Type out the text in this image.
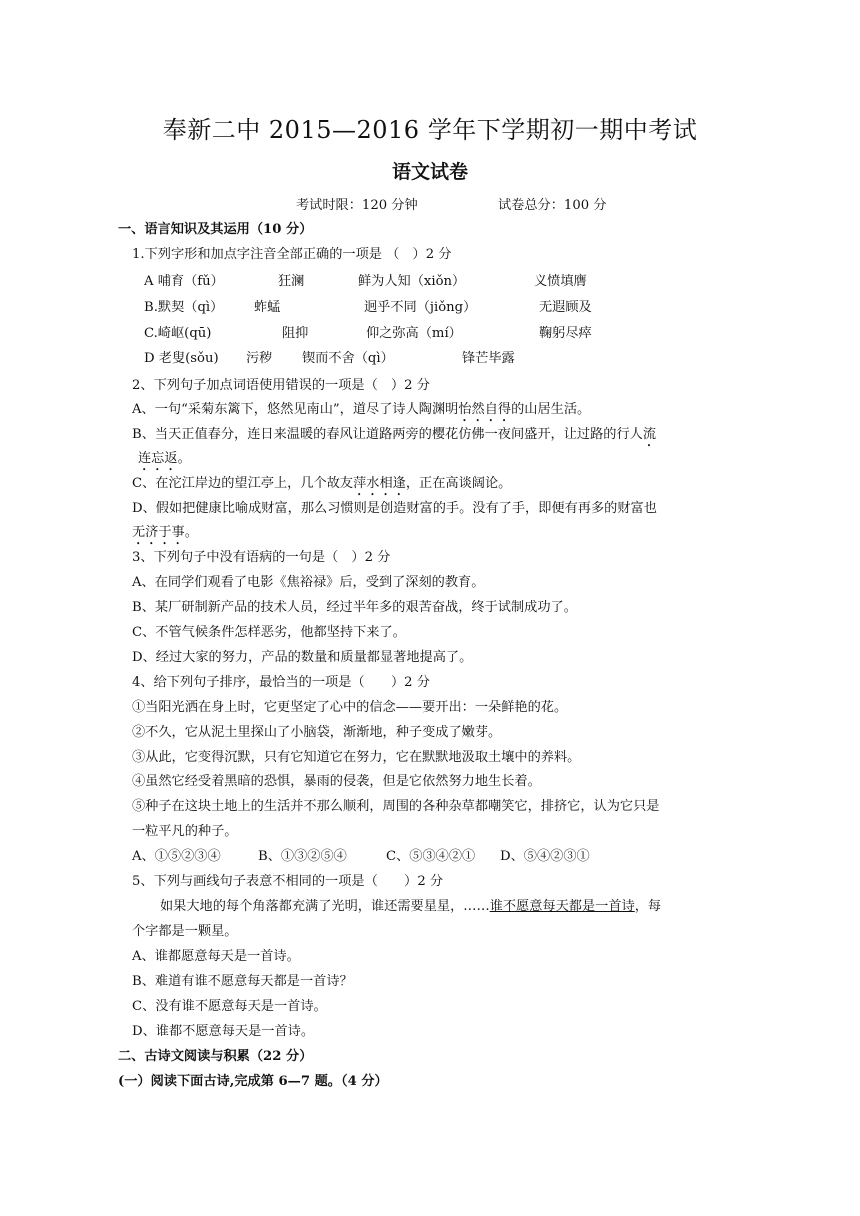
奉新二中 2015—2016 学年下学期初一期中考试
语文试卷
考试时限：120 分钟	试卷总分：100 分
一、语言知识及其运用（10 分）
1.下列字形和加点字注音全部正确的一项是 （　）2 分
A 哺育（fǔ）	狂澜	鲜为人知（xiǒn）	义愤填膺
B.默契（qì） 蚱蜢	迥乎不同（jiǒng）	无遐顾及
C.崎岖(qū)	阻抑	仰之弥高（mí）	鞠躬尽瘁
D 老叟(sǒu) 污秽 锲而不舍（qì）	锋芒毕露
2、下列句子加点词语使用错误的一项是（　）2 分
A、一句“采菊东篱下，悠然见南山”，道尽了诗人陶渊明怡然自得的山居生活。
B、当天正值春分，连日来温暖的春风让道路两旁的樱花仿佛一夜间盛开，让过路的行人流
连忘返。
C、在沱江岸边的望江亭上，几个故友萍水相逢，正在高谈阔论。
D、假如把健康比喻成财富，那么习惯则是创造财富的手。没有了手，即便有再多的财富也
无济于事。
3、下列句子中没有语病的一句是（　）2 分
A、在同学们观看了电影《焦裕禄》后，受到了深刻的教育。
B、某厂研制新产品的技术人员，经过半年多的艰苦奋战，终于试制成功了。
C、不管气候条件怎样恶劣，他都坚持下来了。
D、经过大家的努力，产品的数量和质量都显著地提高了。
4、给下列句子排序，最恰当的一项是（　　）2 分
①当阳光洒在身上时，它更坚定了心中的信念——要开出：一朵鲜艳的花。
②不久，它从泥土里探山了小脑袋，渐渐地，种子变成了嫩芽。
③从此，它变得沉默，只有它知道它在努力，它在默默地汲取土壤中的养料。
④虽然它经受着黑暗的恐惧，暴雨的侵袭，但是它依然努力地生长着。
⑤种子在这块土地上的生活并不那么顺利，周围的各种杂草都嘲笑它，排挤它，认为它只是
一粒平凡的种子。
A、①⑤②③④	B、①③②⑤④	C、⑤③④②① D、⑤④②③①
5、下列与画线句子表意不相同的一项是（　　）2 分
如果大地的每个角落都充满了光明，谁还需要星星，……谁不愿意每天都是一首诗，每
个字都是一颗星。
A、谁都愿意每天是一首诗。
B、难道有谁不愿意每天都是一首诗？
C、没有谁不愿意每天是一首诗。
D、谁都不愿意每天是一首诗。
二、古诗文阅读与积累（22 分）
(一）阅读下面古诗,完成第 6—7 题。（4 分）
